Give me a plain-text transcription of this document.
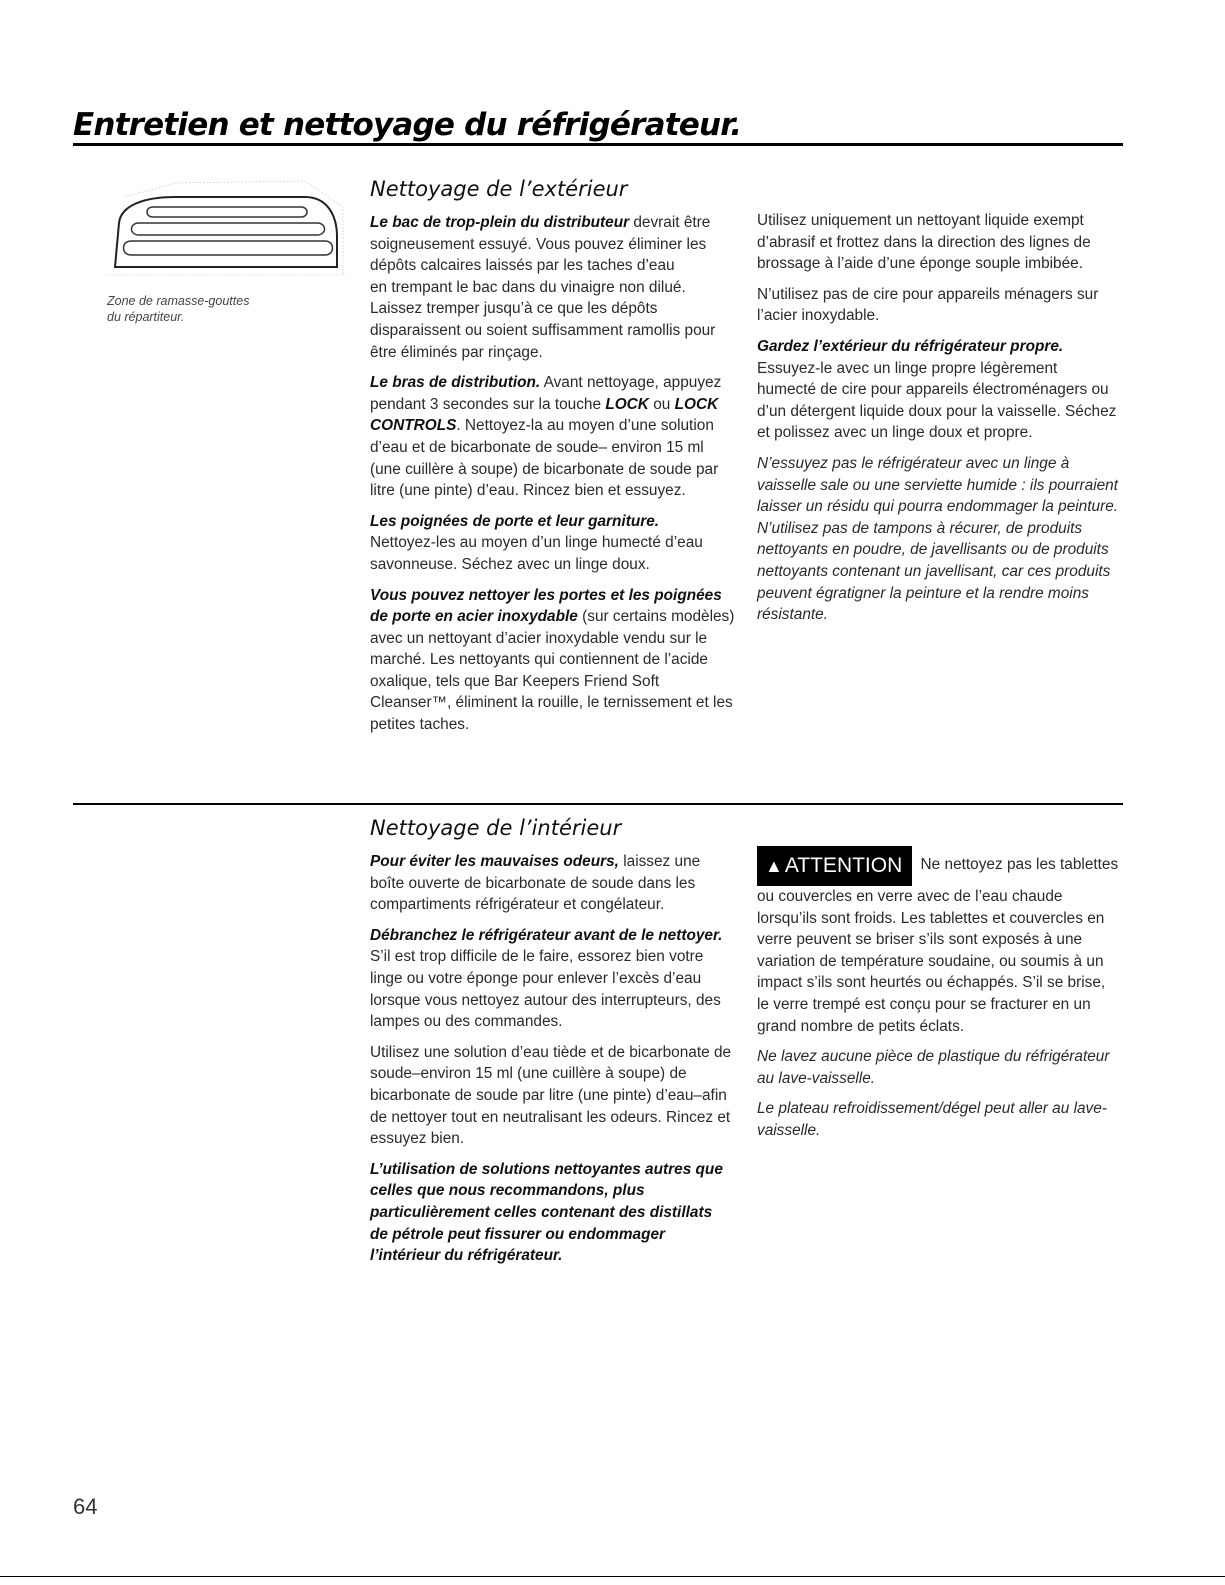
Entretien et nettoyage du réfrigérateur.
Zone de ramasse-gouttes
du répartiteur.
Nettoyage de l’extérieur

Le bac de trop-plein du distributeur devrait être soigneusement essuyé. Vous pouvez éliminer les dépôts calcaires laissés par les taches d’eau

en trempant le bac dans du vinaigre non dilué. Laissez tremper jusqu’à ce que les dépôts disparaissent ou soient suffisamment ramollis pour être éliminés par rinçage.

Le bras de distribution. Avant nettoyage, appuyez pendant 3 secondes sur la touche LOCK ou LOCK CONTROLS. Nettoyez-la au moyen d’une solution d’eau et de bicarbonate de soude– environ 15 ml (une cuillère à soupe) de bicarbonate de soude par litre (une pinte) d’eau. Rincez bien et essuyez.

Les poignées de porte et leur garniture.
Nettoyez-les au moyen d’un linge humecté d’eau savonneuse. Séchez avec un linge doux.

Vous pouvez nettoyer les portes et les poignées de porte en acier inoxydable (sur certains modèles) avec un nettoyant d’acier inoxydable vendu sur le marché. Les nettoyants qui contiennent de l’acide oxalique, tels que Bar Keepers Friend Soft Cleanser™, éliminent la rouille, le ternissement et les petites taches.

Utilisez uniquement un nettoyant liquide exempt d’abrasif et frottez dans la direction des lignes de brossage à l’aide d’une éponge souple imbibée.

N’utilisez pas de cire pour appareils ménagers sur l’acier inoxydable.

Gardez l’extérieur du réfrigérateur propre. Essuyez-le avec un linge propre légèrement humecté de cire pour appareils électroménagers ou d’un détergent liquide doux pour la vaisselle. Séchez et polissez avec un linge doux et propre.

N’essuyez pas le réfrigérateur avec un linge à vaisselle sale ou une serviette humide : ils pourraient laisser un résidu qui pourra endommager la peinture. N’utilisez pas de tampons à récurer, de produits nettoyants en poudre, de javellisants ou de produits nettoyants contenant un javellisant, car ces produits peuvent égratigner la peinture et la rendre moins résistante.

Nettoyage de l’intérieur

Pour éviter les mauvaises odeurs, laissez une boîte ouverte de bicarbonate de soude dans les compartiments réfrigérateur et congélateur.

Débranchez le réfrigérateur avant de le nettoyer.
S’il est trop difficile de le faire, essorez bien votre linge ou votre éponge pour enlever l’excès d’eau lorsque vous nettoyez autour des interrupteurs, des lampes ou des commandes.

Utilisez une solution d’eau tiède et de bicarbonate de soude–environ 15 ml (une cuillère à soupe) de bicarbonate de soude par litre (une pinte) d’eau–afin de nettoyer tout en neutralisant les odeurs. Rincez et essuyez bien.

L’utilisation de solutions nettoyantes autres que celles que nous recommandons, plus particulièrement celles contenant des distillats de pétrole peut fissurer ou endommager l’intérieur du réfrigérateur.

▲ATTENTION Ne nettoyez pas les tablettes ou couvercles en verre avec de l’eau chaude lorsqu’ils sont froids. Les tablettes et couvercles en verre peuvent se briser s’ils sont exposés à une variation de température soudaine, ou soumis à un impact s’ils sont heurtés ou échappés. S’il se brise, le verre trempé est conçu pour se fracturer en un grand nombre de petits éclats.

Ne lavez aucune pièce de plastique du réfrigérateur au lave-vaisselle.

Le plateau refroidissement/dégel peut aller au lave-vaisselle.

64
